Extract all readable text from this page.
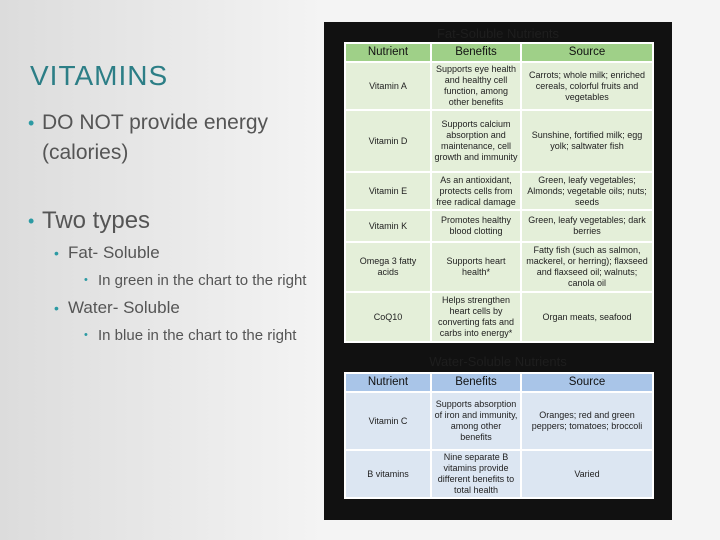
VITAMINS
• DO NOT provide energy (calories)
• Two types
• Fat- Soluble
• In green in the chart to the right
• Water- Soluble
• In blue in the chart to the right
Fat-Soluble Nutrients
Nutrient	Benefits	Source
Vitamin A	Supports eye health and healthy cell function, among other benefits	Carrots; whole milk; enriched cereals, colorful fruits and vegetables
Vitamin D	Supports calcium absorption and maintenance, cell growth and immunity	Sunshine, fortified milk; egg yolk; saltwater fish
Vitamin E	As an antioxidant, protects cells from free radical damage	Green, leafy vegetables; Almonds; vegetable oils; nuts; seeds
Vitamin K	Promotes healthy blood clotting	Green, leafy vegetables; dark berries
Omega 3 fatty acids	Supports heart health*	Fatty fish (such as salmon, mackerel, or herring); flaxseed and flaxseed oil; walnuts; canola oil
CoQ10	Helps strengthen heart cells by converting fats and carbs into energy*	Organ meats, seafood
Water-Soluble Nutrients
Nutrient	Benefits	Source
Vitamin C	Supports absorption of iron and immunity, among other benefits	Oranges; red and green peppers; tomatoes; broccoli
B vitamins	Nine separate B vitamins provide different benefits to total health	Varied
